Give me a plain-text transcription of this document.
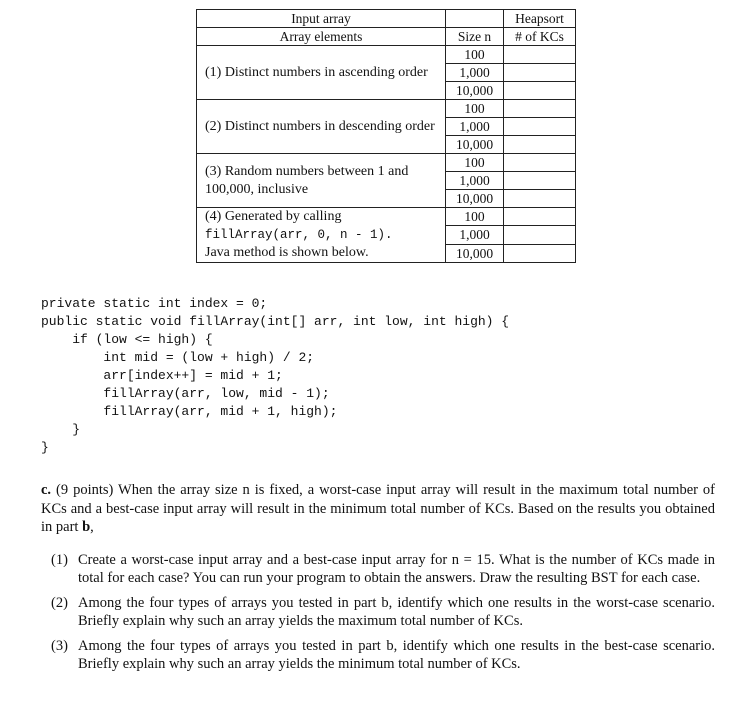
Input array		Heapsort
Array elements	Size n	# of KCs
(1) Distinct numbers in ascending order	100	
	1,000	
	10,000	
(2) Distinct numbers in descending order	100	
	1,000	
	10,000	
(3) Random numbers between 1 and 100,000, inclusive	100	
	1,000	
	10,000	

(4) Generated by calling
fillArray(arr, 0, n - 1).
Java method is shown below.	100	
	1,000	
	10,000	
private static int index = 0;
public static void fillArray(int[] arr, int low, int high) {
if (low <= high) {
int mid = (low + high) / 2;
arr[index++] = mid + 1;
fillArray(arr, low, mid - 1);
fillArray(arr, mid + 1, high);
}
}

c. (9 points) When the array size n is fixed, a worst-case input array will result in the maximum total number of KCs and a best-case input array will result in the minimum total number of KCs. Based on the results you obtained in part b,

(1) Create a worst-case input array and a best-case input array for n = 15. What is the number of KCs made in total for each case? You can run your program to obtain the answers. Draw the resulting BST for each case.
(2) Among the four types of arrays you tested in part b, identify which one results in the worst-case scenario. Briefly explain why such an array yields the maximum total number of KCs.
(3) Among the four types of arrays you tested in part b, identify which one results in the best-case scenario. Briefly explain why such an array yields the minimum total number of KCs.
